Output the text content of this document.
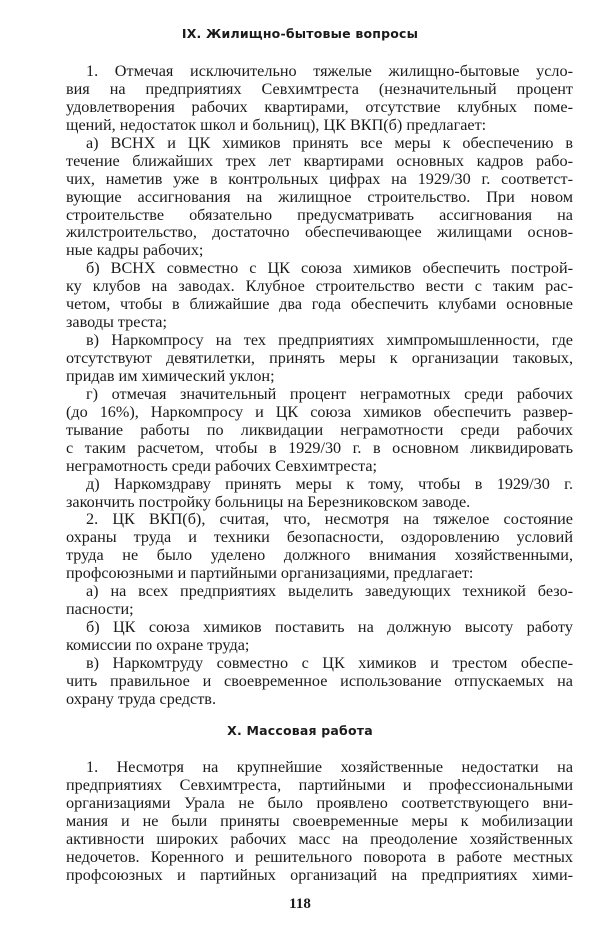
IX. Жилищно-бытовые вопросы
1. Отмечая исключительно тяжелые жилищно-бытовые усло-
вия на предприятиях Севхимтреста (незначительный процент
удовлетворения рабочих квартирами, отсутствие клубных поме-
щений, недостаток школ и больниц), ЦК ВКП(б) предлагает:
а) ВСНХ и ЦК химиков принять все меры к обеспечению в
течение ближайших трех лет квартирами основных кадров рабо-
чих, наметив уже в контрольных цифрах на 1929/30 г. соответст-
вующие ассигнования на жилищное строительство. При новом
строительстве обязательно предусматривать ассигнования на
жилстроительство, достаточно обеспечивающее жилищами основ-
ные кадры рабочих;
б) ВСНХ совместно с ЦК союза химиков обеспечить построй-
ку клубов на заводах. Клубное строительство вести с таким рас-
четом, чтобы в ближайшие два года обеспечить клубами основные
заводы треста;
в) Наркомпросу на тех предприятиях химпромышленности, где
отсутствуют девятилетки, принять меры к организации таковых,
придав им химический уклон;
г) отмечая значительный процент неграмотных среди рабочих
(до 16%), Наркомпросу и ЦК союза химиков обеспечить развер-
тывание работы по ликвидации неграмотности среди рабочих
с таким расчетом, чтобы в 1929/30 г. в основном ликвидировать
неграмотность среди рабочих Севхимтреста;
д) Наркомздраву принять меры к тому, чтобы в 1929/30 г.
закончить постройку больницы на Березниковском заводе.
2. ЦК ВКП(б), считая, что, несмотря на тяжелое состояние
охраны труда и техники безопасности, оздоровлению условий
труда не было уделено должного внимания хозяйственными,
профсоюзными и партийными организациями, предлагает:
а) на всех предприятиях выделить заведующих техникой безо-
пасности;
б) ЦК союза химиков поставить на должную высоту работу
комиссии по охране труда;
в) Наркомтруду совместно с ЦК химиков и трестом обеспе-
чить правильное и своевременное использование отпускаемых на
охрану труда средств.
X. Массовая работа
1. Несмотря на крупнейшие хозяйственные недостатки на
предприятиях Севхимтреста, партийными и профессиональными
организациями Урала не было проявлено соответствующего вни-
мания и не были приняты своевременные меры к мобилизации
активности широких рабочих масс на преодоление хозяйственных
недочетов. Коренного и решительного поворота в работе местных
профсоюзных и партийных организаций на предприятиях хими-
118
